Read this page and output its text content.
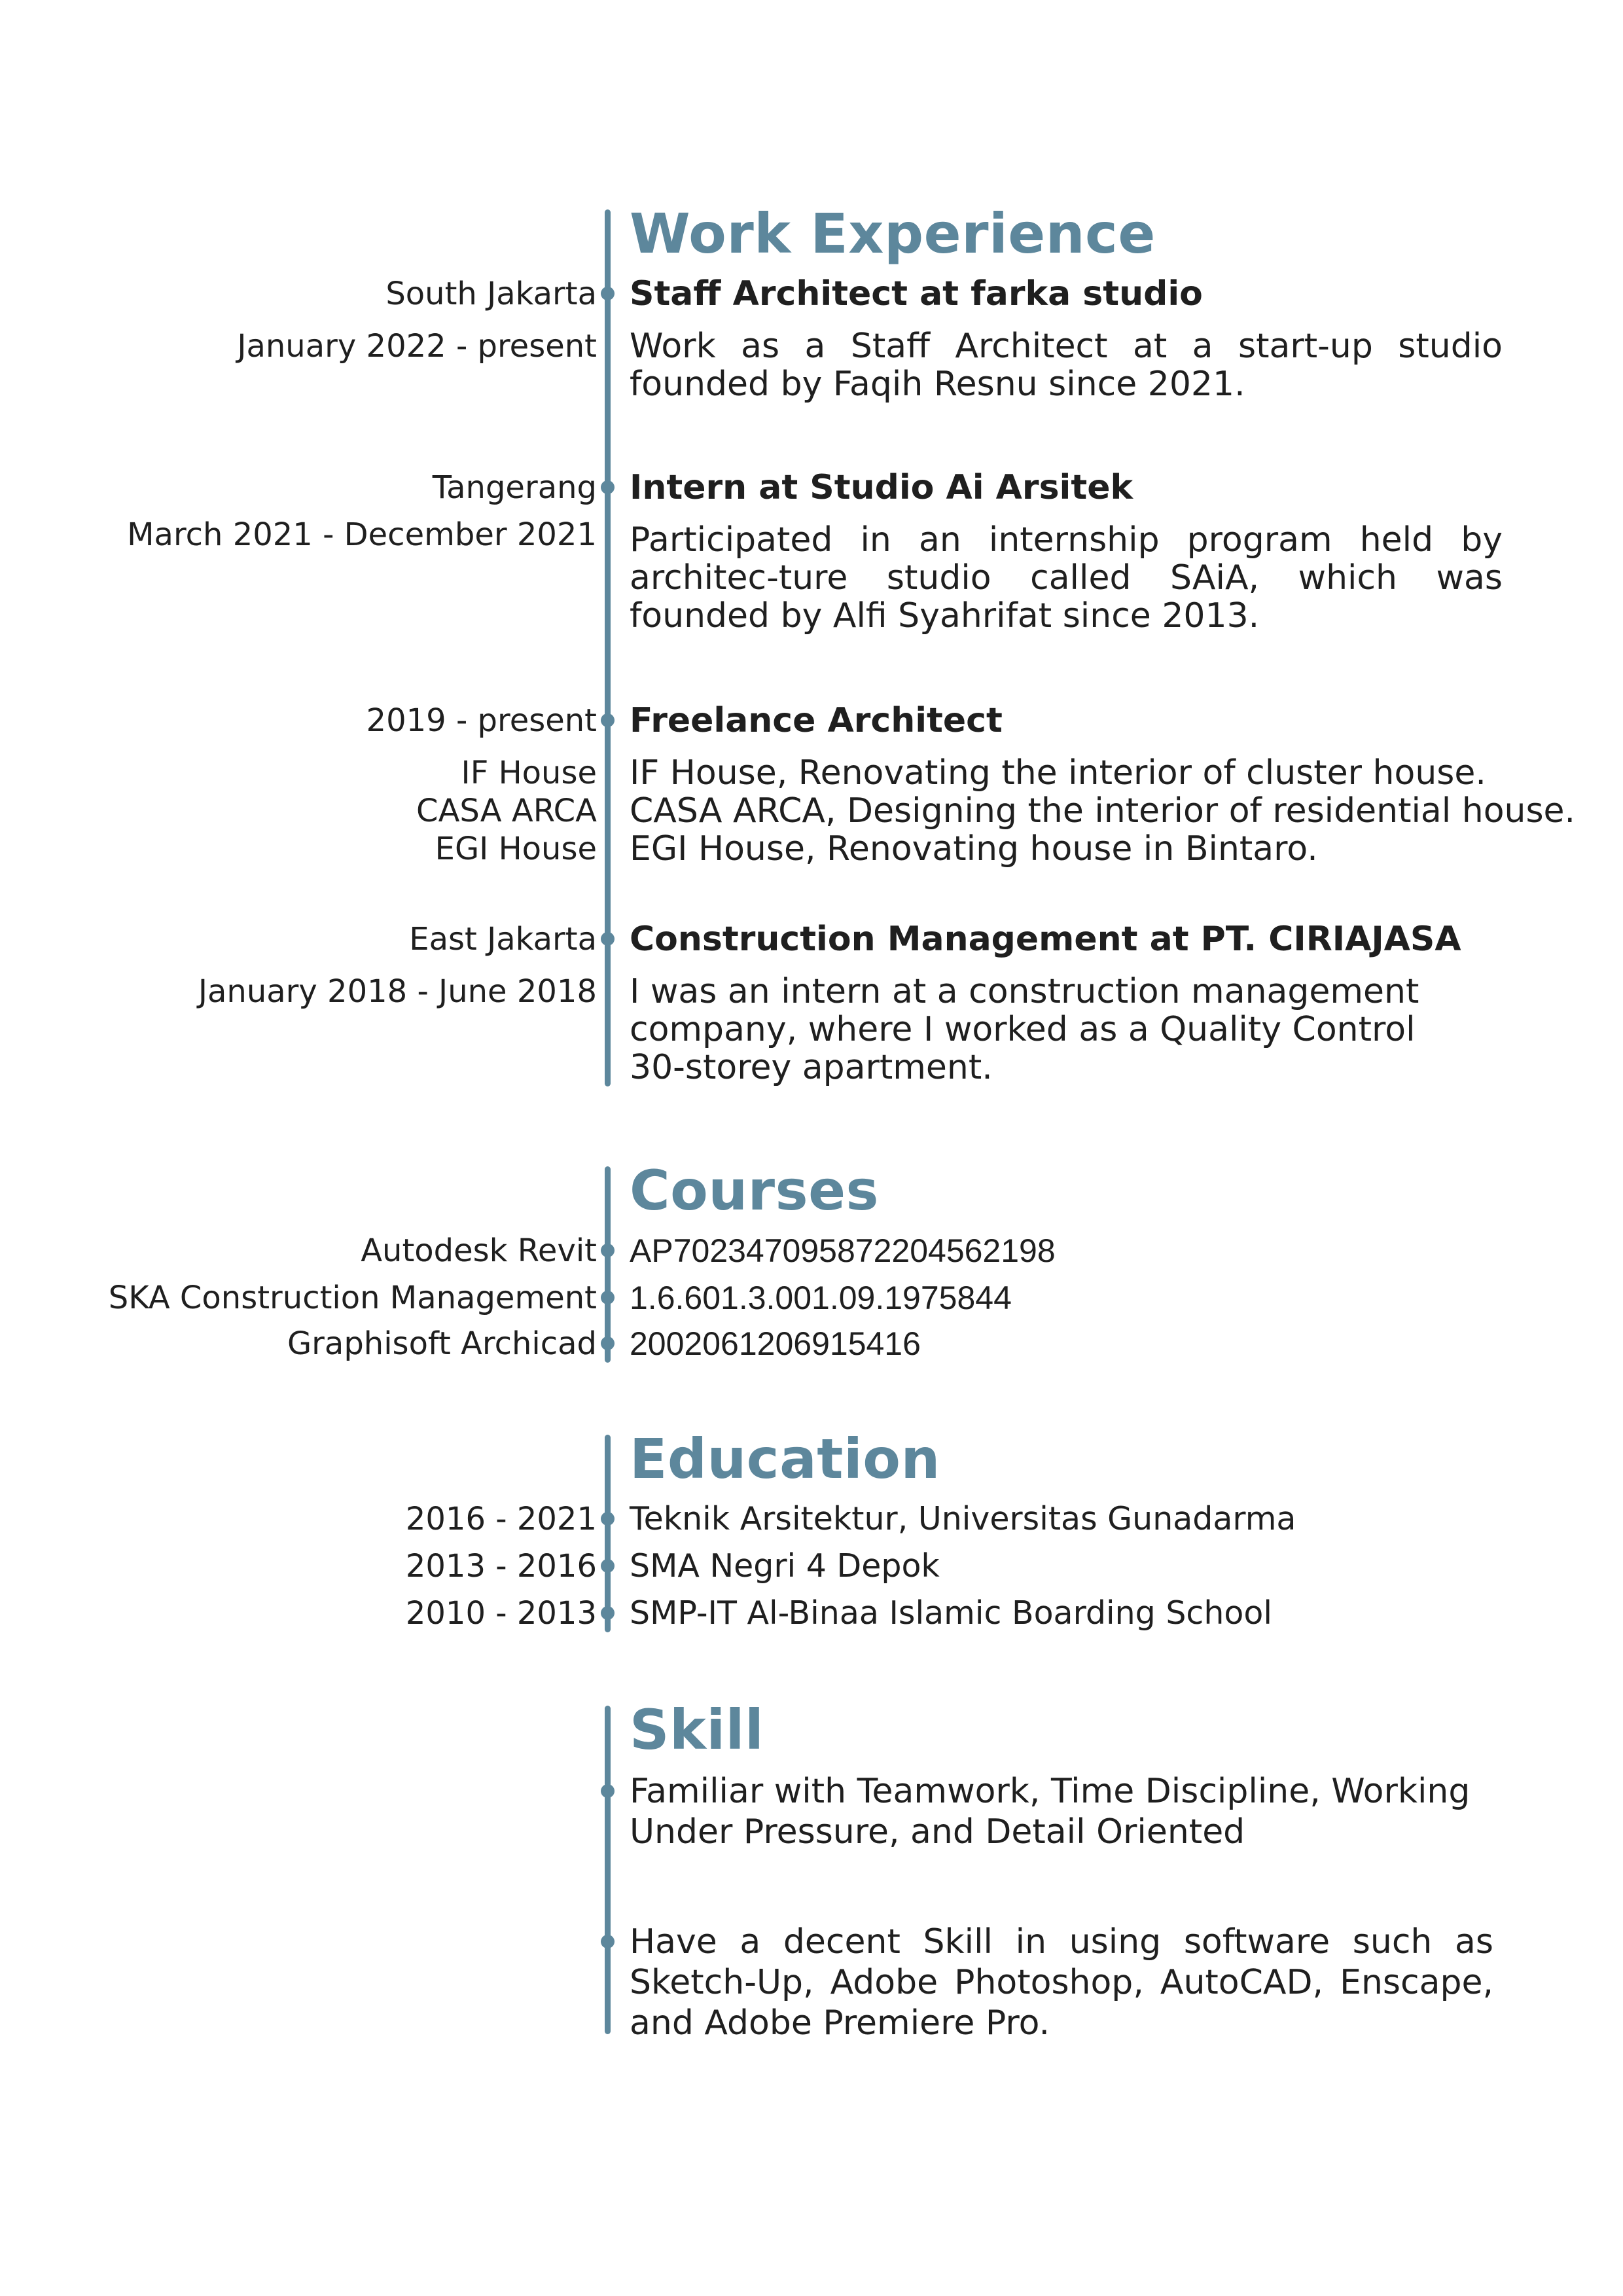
Work Experience
South Jakarta
January 2022 - present
Staff Architect at farka studio
Work as a Staff Architect at a start-up studio founded by Faqih Resnu since 2021.
Tangerang
March 2021 - December 2021
Intern at Studio Ai Arsitek
Participated in an internship program held by architec-ture studio called SAiA, which was founded by Alfi Syahrifat since 2013.
2019 - present
IF House
CASA ARCA
EGI House
Freelance Architect
IF House, Renovating the interior of cluster house.
CASA ARCA, Designing the interior of residential house.
EGI House, Renovating house in Bintaro.
East Jakarta
January 2018 - June 2018
Construction Management at PT. CIRIAJASA
I was an intern at a construction management
company, where I worked as a Quality Control
30-storey apartment.
Courses
Autodesk Revit AP70234709587220456219​8
SKA Construction Management 1.6.601.3.001.09.1975844
Graphisoft Archicad 2002061206915416
Education
2016 - 2021 Teknik Arsitektur, Universitas Gunadarma
2013 - 2016 SMA Negri 4 Depok
2010 - 2013 SMP-IT Al-Binaa Islamic Boarding School
Skill
Familiar with Teamwork, Time Discipline, Working Under Pressure, and Detail Oriented
Have a decent Skill in using software such as Sketch-Up, Adobe Photoshop, AutoCAD, Enscape, and Adobe Premiere Pro.
